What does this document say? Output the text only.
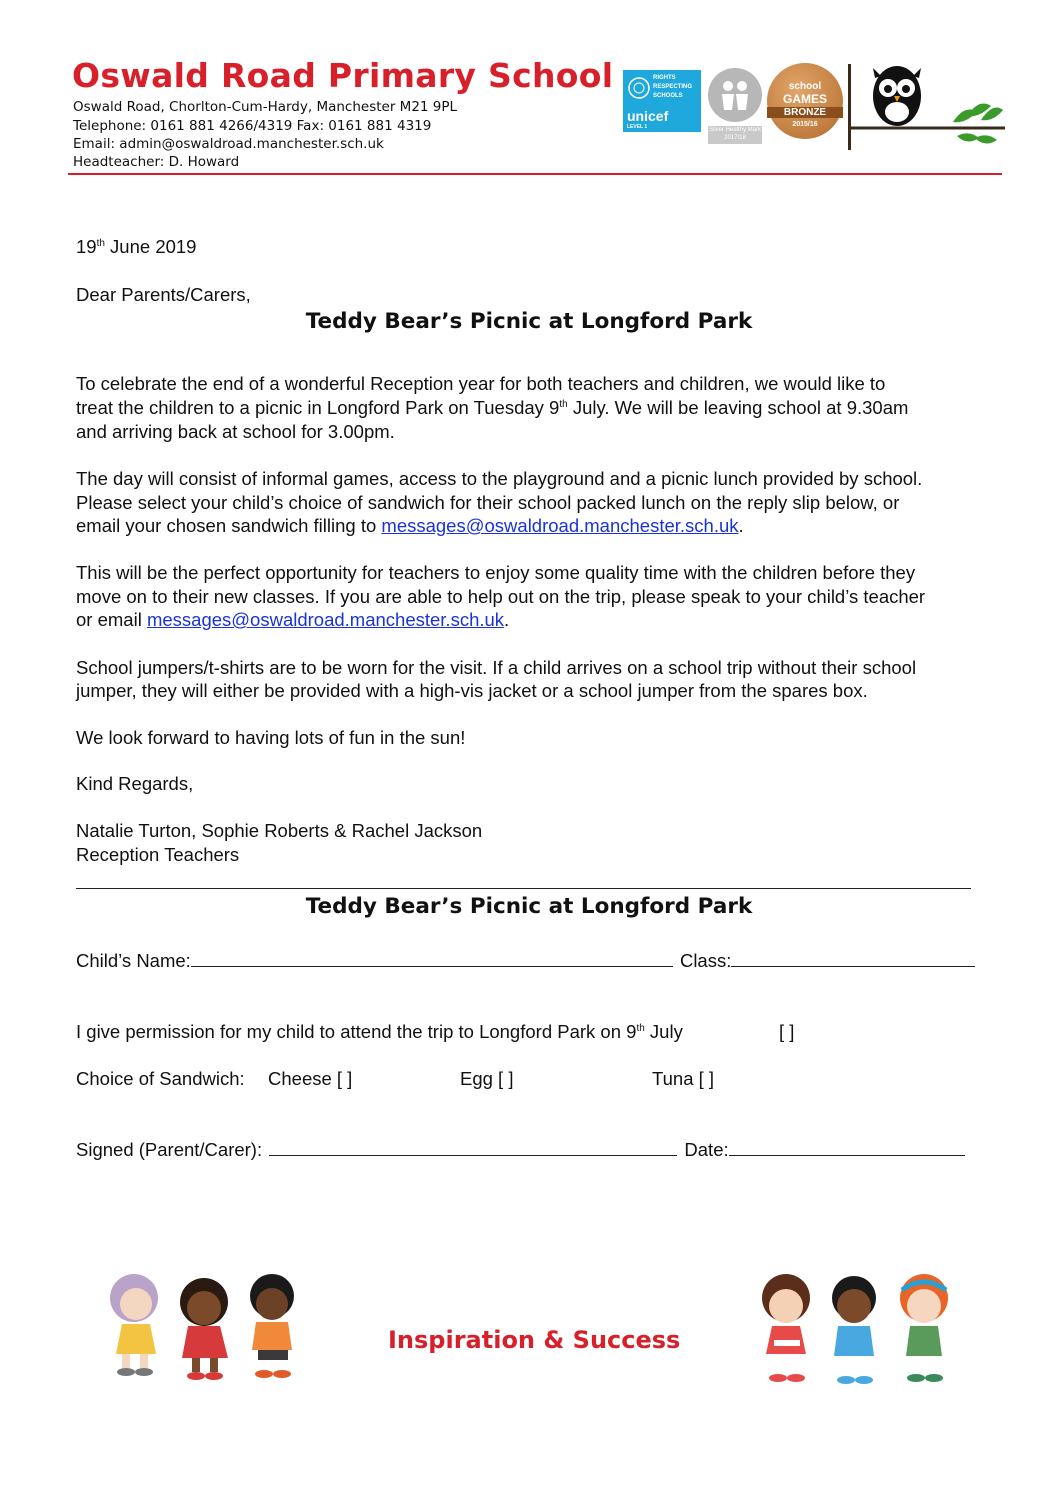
Oswald Road Primary School
Oswald Road, Chorlton-Cum-Hardy, Manchester M21 9PL
Telephone: 0161 881 4266/4319 Fax: 0161 881 4319
Email: admin@oswaldroad.manchester.sch.uk
Headteacher: D. Howard
RIGHTS RESPECTING SCHOOLS
unicef
LEVEL 1	Silver Healthy Mark 2017/18
school
GAMES
BRONZE
2015/16
19th June 2019
Dear Parents/Carers,
Teddy Bear’s Picnic at Longford Park
To celebrate the end of a wonderful Reception year for both teachers and children, we would like to
treat the children to a picnic in Longford Park on Tuesday 9th July. We will be leaving school at 9.30am
and arriving back at school for 3.00pm.
The day will consist of informal games, access to the playground and a picnic lunch provided by school.
Please select your child’s choice of sandwich for their school packed lunch on the reply slip below, or
email your chosen sandwich filling to messages@oswaldroad.manchester.sch.uk.
This will be the perfect opportunity for teachers to enjoy some quality time with the children before they
move on to their new classes. If you are able to help out on the trip, please speak to your child’s teacher
or email messages@oswaldroad.manchester.sch.uk.
School jumpers/t-shirts are to be worn for the visit. If a child arrives on a school trip without their school
jumper, they will either be provided with a high-vis jacket or a school jumper from the spares box.
We look forward to having lots of fun in the sun!
Kind Regards,
Natalie Turton, Sophie Roberts & Rachel Jackson
Reception Teachers
Teddy Bear’s Picnic at Longford Park
Child’s Name:	Class:
I give permission for my child to attend the trip to Longford Park on 9th July	[ ]
Choice of Sandwich: Cheese [ ]	Egg [ ]	Tuna [ ]
Signed (Parent/Carer):	Date:
Inspiration & Success
